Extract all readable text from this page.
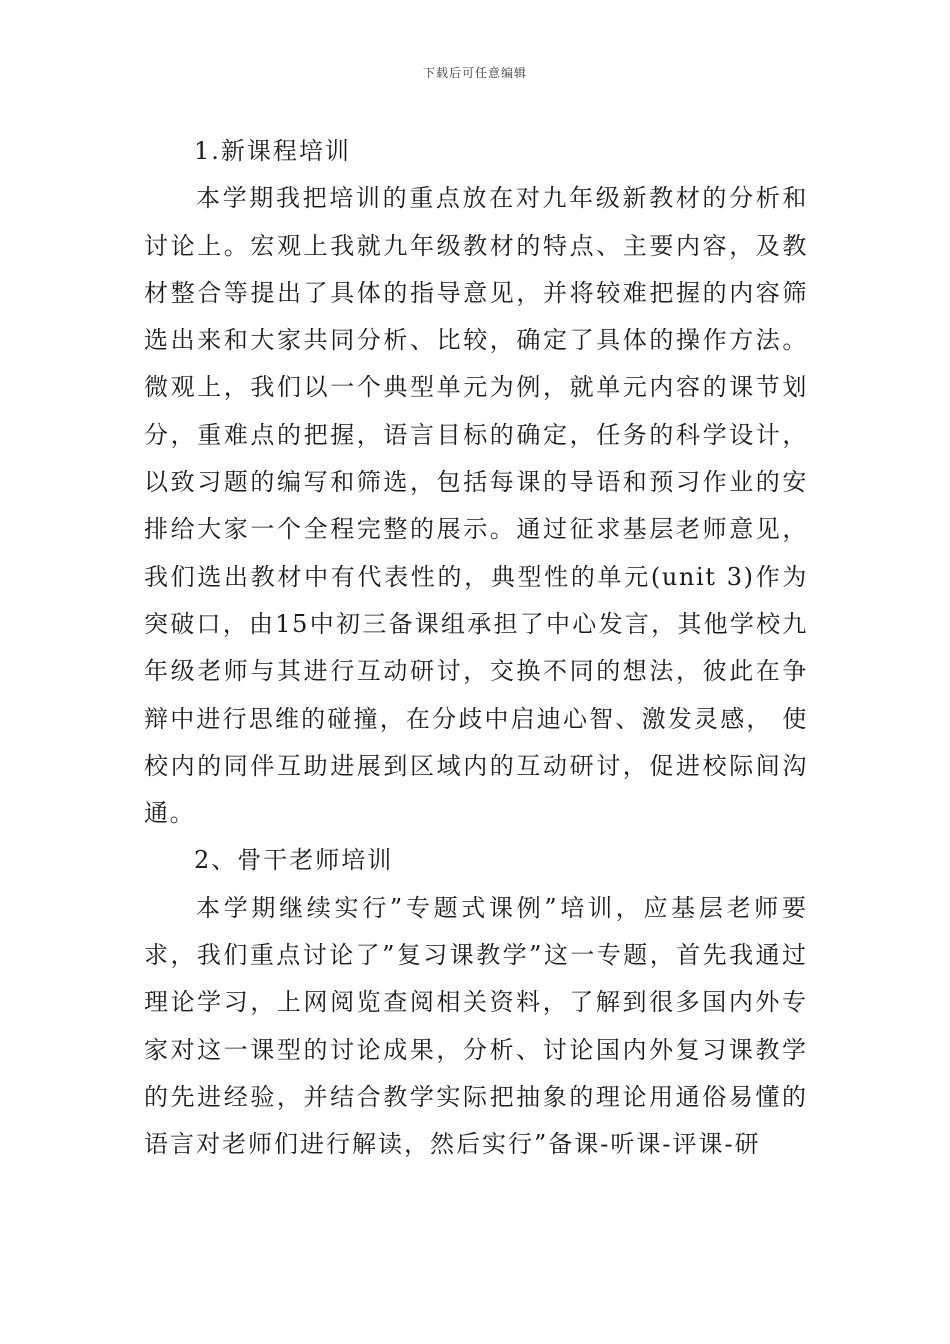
下载后可任意编辑

1.新课程培训

本学期我把培训的重点放在对九年级新教材的分析和讨论上。宏观上我就九年级教材的特点、主要内容，及教材整合等提出了具体的指导意见，并将较难把握的内容筛选出来和大家共同分析、比较，确定了具体的操作方法。微观上，我们以一个典型单元为例，就单元内容的课节划分，重难点的把握，语言目标的确定，任务的科学设计，以致习题的编写和筛选，包括每课的导语和预习作业的安排给大家一个全程完整的展示。通过征求基层老师意见，我们选出教材中有代表性的，典型性的单元(unit 3)作为突破口，由15中初三备课组承担了中心发言，其他学校九年级老师与其进行互动研讨，交换不同的想法，彼此在争辩中进行思维的碰撞，在分歧中启迪心智、激发灵感， 使校内的同伴互助进展到区域内的互动研讨，促进校际间沟通。

2、骨干老师培训

本学期继续实行”专题式课例”培训，应基层老师要求，我们重点讨论了”复习课教学”这一专题，首先我通过理论学习，上网阅览查阅相关资料，了解到很多国内外专家对这一课型的讨论成果，分析、讨论国内外复习课教学的先进经验，并结合教学实际把抽象的理论用通俗易懂的语言对老师们进行解读，然后实行”备课-听课-评课-研
